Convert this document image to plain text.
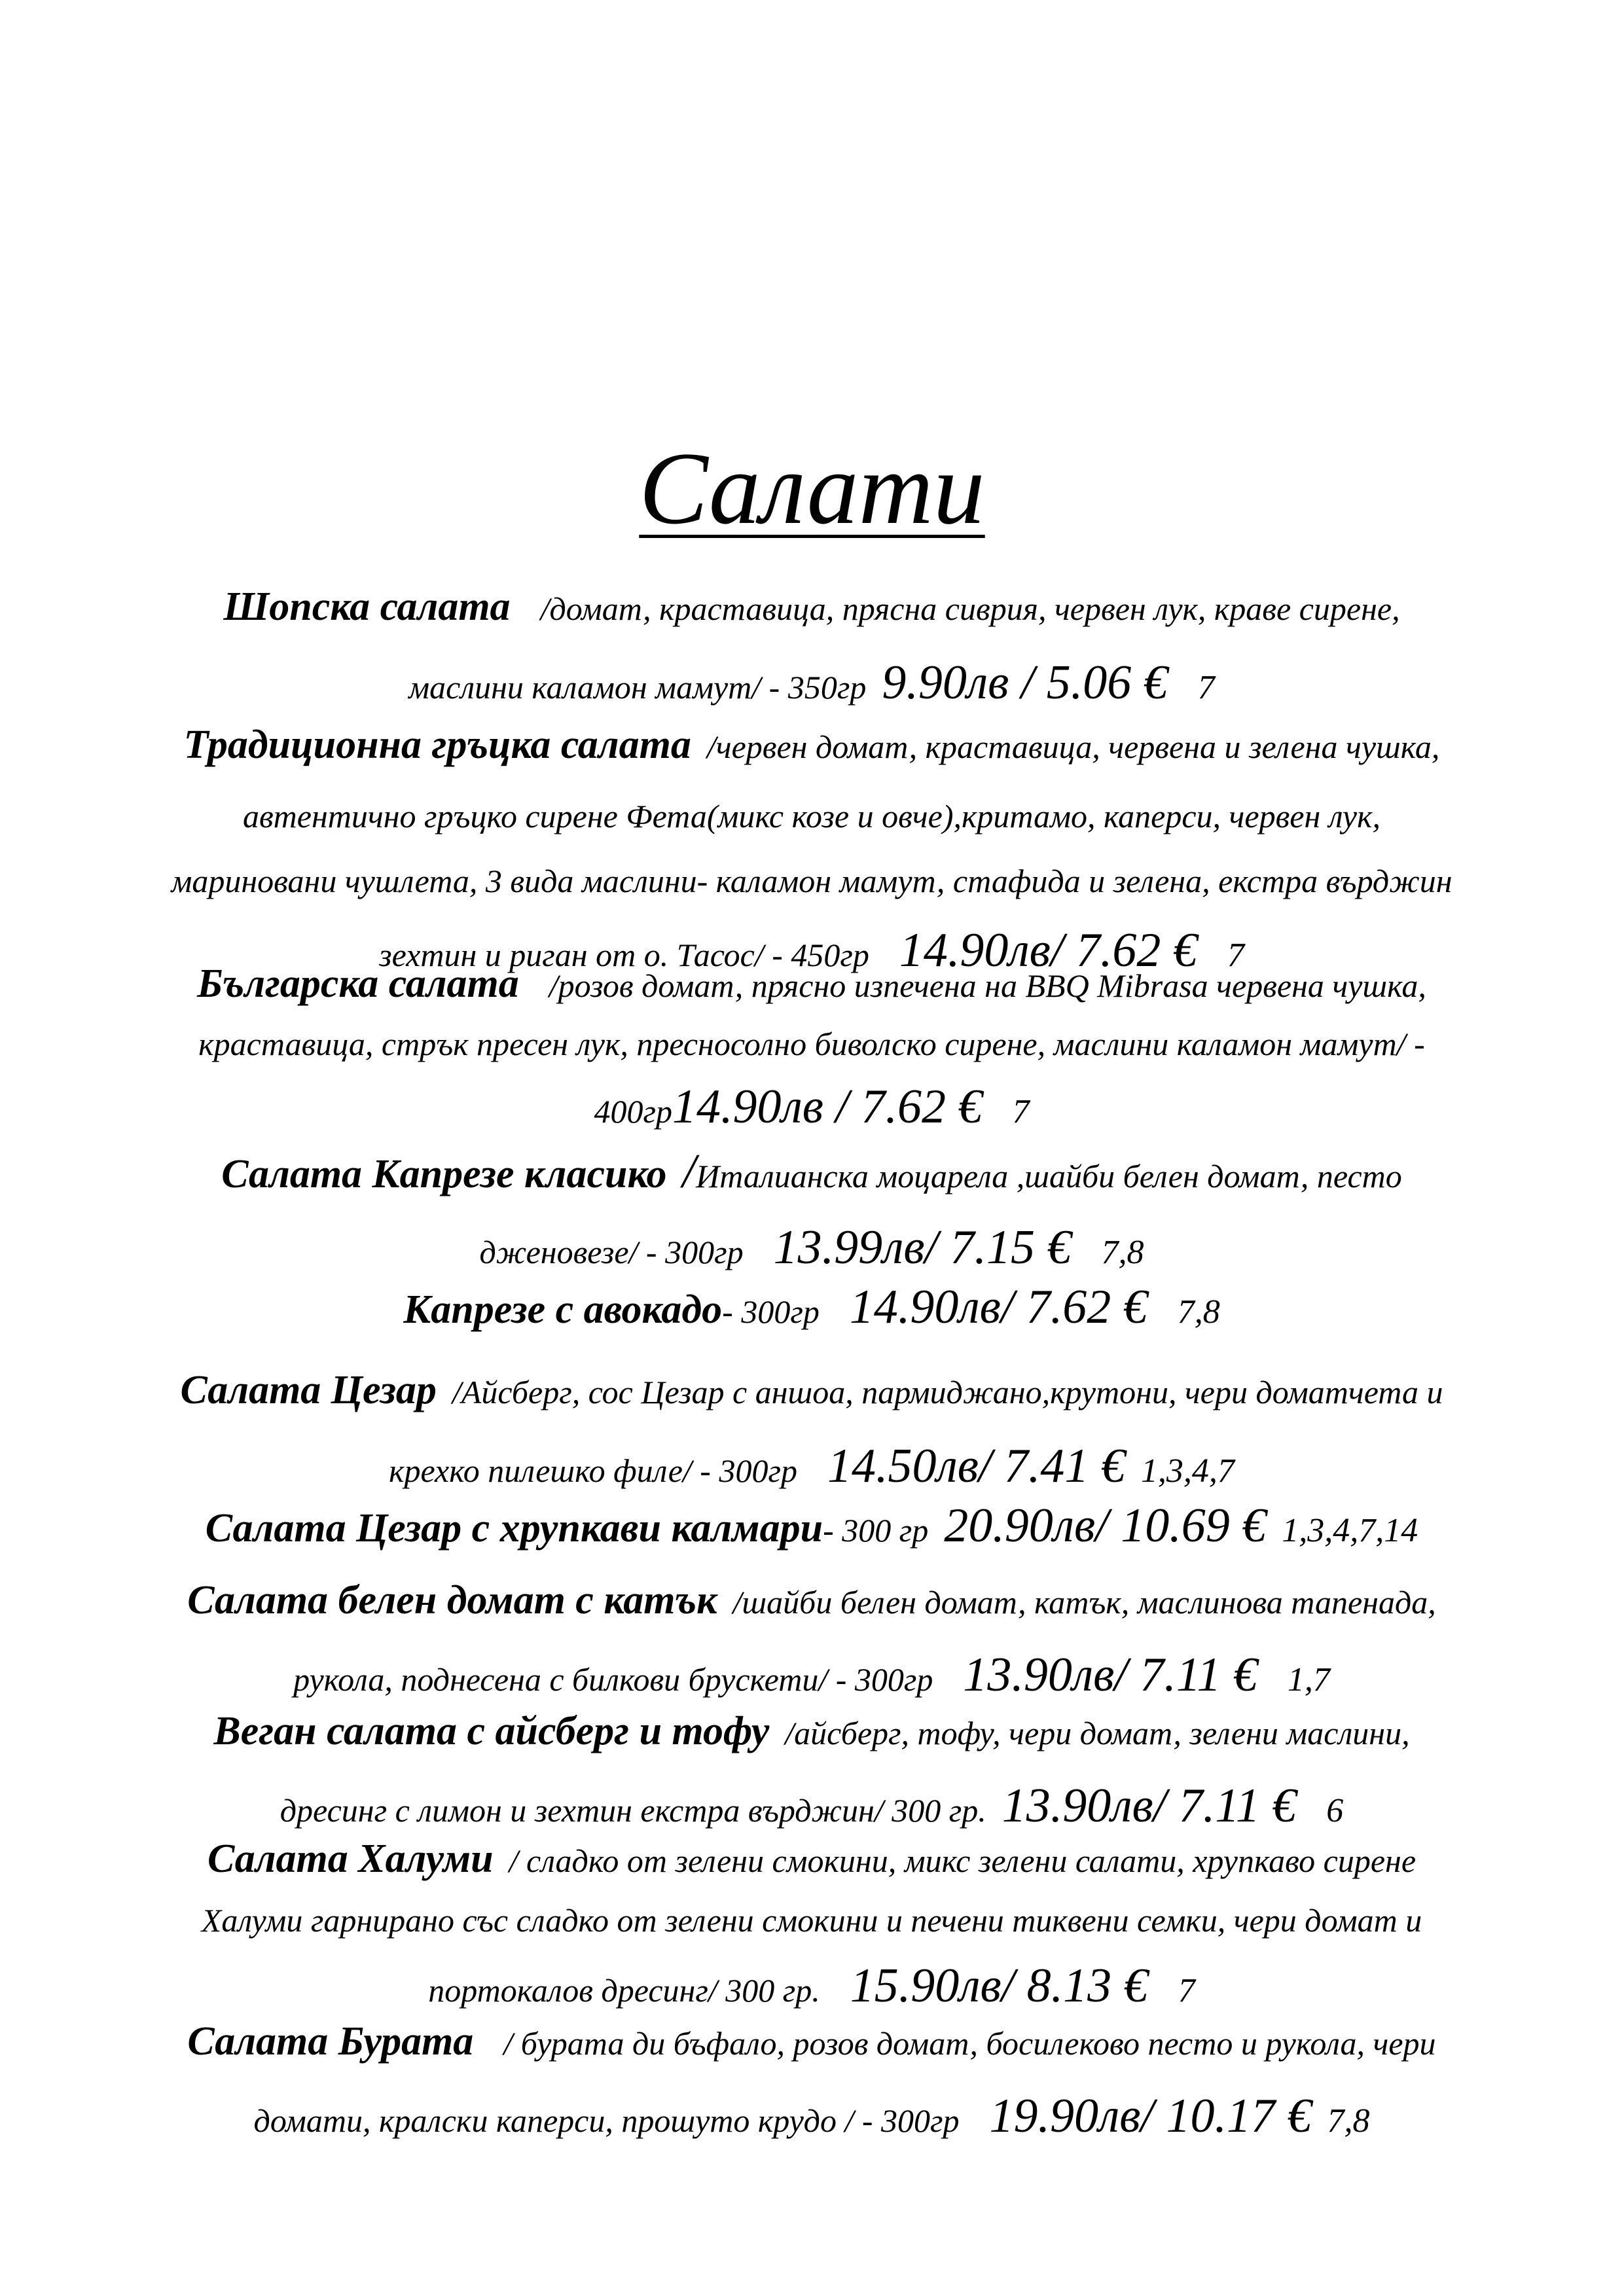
Салати
Шопска салата /домат, краставица, прясна сиврия, червен лук, краве сирене,
маслини каламон мамут/ - 350гр 9.90лв / 5.06 € 7
Традиционна гръцка салата /червен домат, краставица, червена и зелена чушка,
автентично гръцко сирене Фета(микс козе и овче),критамо, каперси, червен лук,
мариновани чушлета, 3 вида маслини- каламон мамут, стафида и зелена, екстра върджин
зехтин и риган от о. Тасос/ - 450гр 14.90лв/ 7.62 € 7
Българска салата /розов домат, прясно изпечена на BBQ Mibrasa червена чушка,
краставица, стрък пресен лук, пресносолно биволско сирене, маслини каламон мамут/ -
400гр14.90лв / 7.62 € 7
Салата Капрезе класико /Италианска моцарела ,шайби белен домат, песто
дженовезе/ - 300гр 13.99лв/ 7.15 € 7,8
Капрезе с авокадо- 300гр 14.90лв/ 7.62 € 7,8
Салата Цезар /Айсберг, сос Цезар с аншоа, пармиджано,крутони, чери доматчета и
крехко пилешко филе/ - 300гр 14.50лв/ 7.41 € 1,3,4,7
Салата Цезар с хрупкави калмари- 300 гр 20.90лв/ 10.69 € 1,3,4,7,14
Салата белен домат с катък /шайби белен домат, катък, маслинова тапенада,
рукола, поднесена с билкови брускети/ - 300гр 13.90лв/ 7.11 € 1,7
Веган салата с айсберг и тофу /айсберг, тофу, чери домат, зелени маслини,
дресинг с лимон и зехтин екстра върджин/ 300 гр. 13.90лв/ 7.11 € 6
Салата Халуми / сладко от зелени смокини, микс зелени салати, хрупкаво сирене
Халуми гарнирано със сладко от зелени смокини и печени тиквени семки, чери домат и
портокалов дресинг/ 300 гр. 15.90лв/ 8.13 € 7
Салата Бурата / бурата ди бъфало, розов домат, босилеково песто и рукола, чери
домати, кралски каперси, прошуто крудо / - 300гр 19.90лв/ 10.17 € 7,8
